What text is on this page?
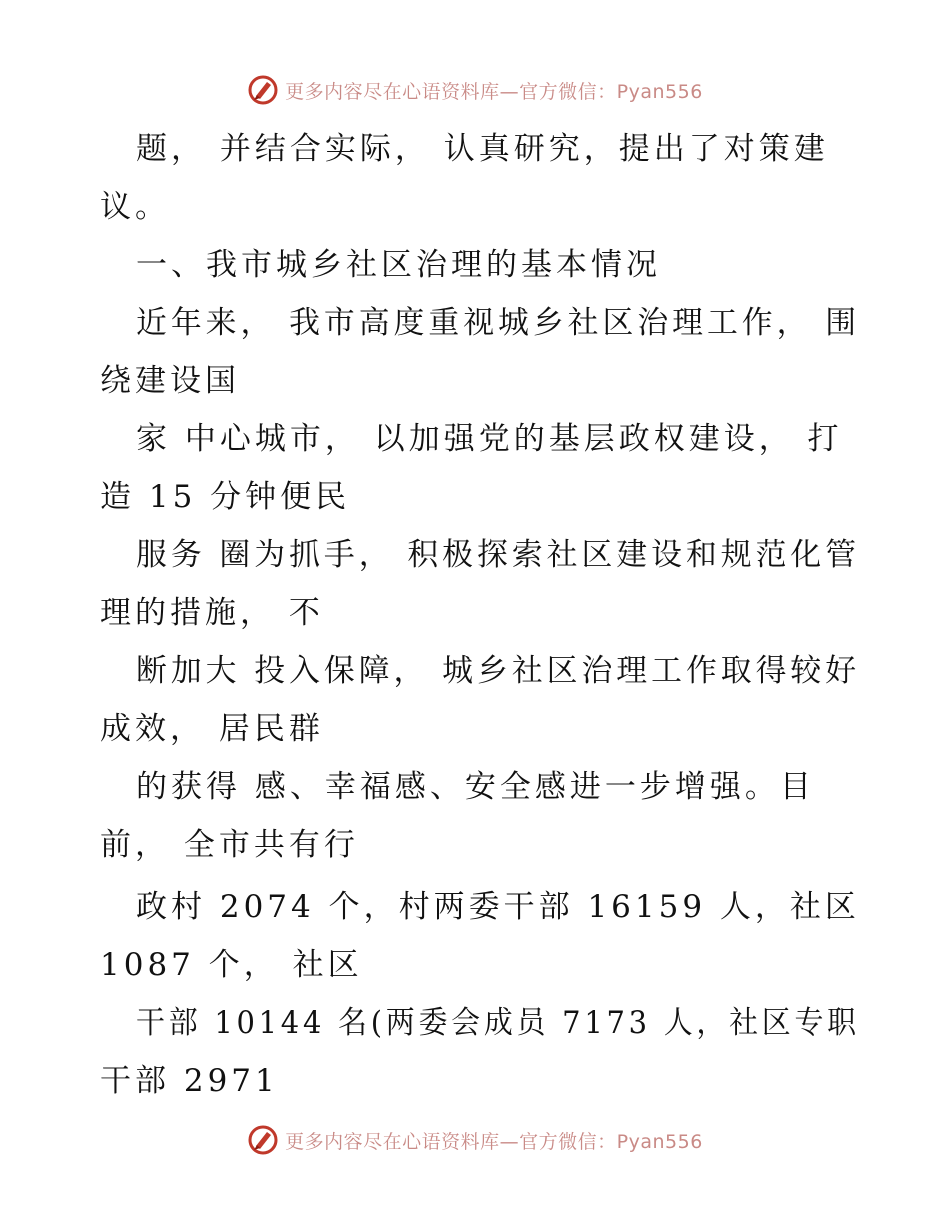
更多内容尽在心语资料库—官方微信：Pyan556
题， 并结合实际， 认真研究，提出了对策建
议。
一、我市城乡社区治理的基本情况
近年来， 我市高度重视城乡社区治理工作， 围
绕建设国
家 中心城市， 以加强党的基层政权建设， 打
造 15 分钟便民
服务 圈为抓手， 积极探索社区建设和规范化管
理的措施， 不
断加大 投入保障， 城乡社区治理工作取得较好
成效， 居民群
的获得 感、幸福感、安全感进一步增强。目
前， 全市共有行
政村 2074 个，村两委干部 16159 人，社区
1087 个， 社区
干部 10144 名(两委会成员 7173 人，社区专职
干部 2971
更多内容尽在心语资料库—官方微信：Pyan556
